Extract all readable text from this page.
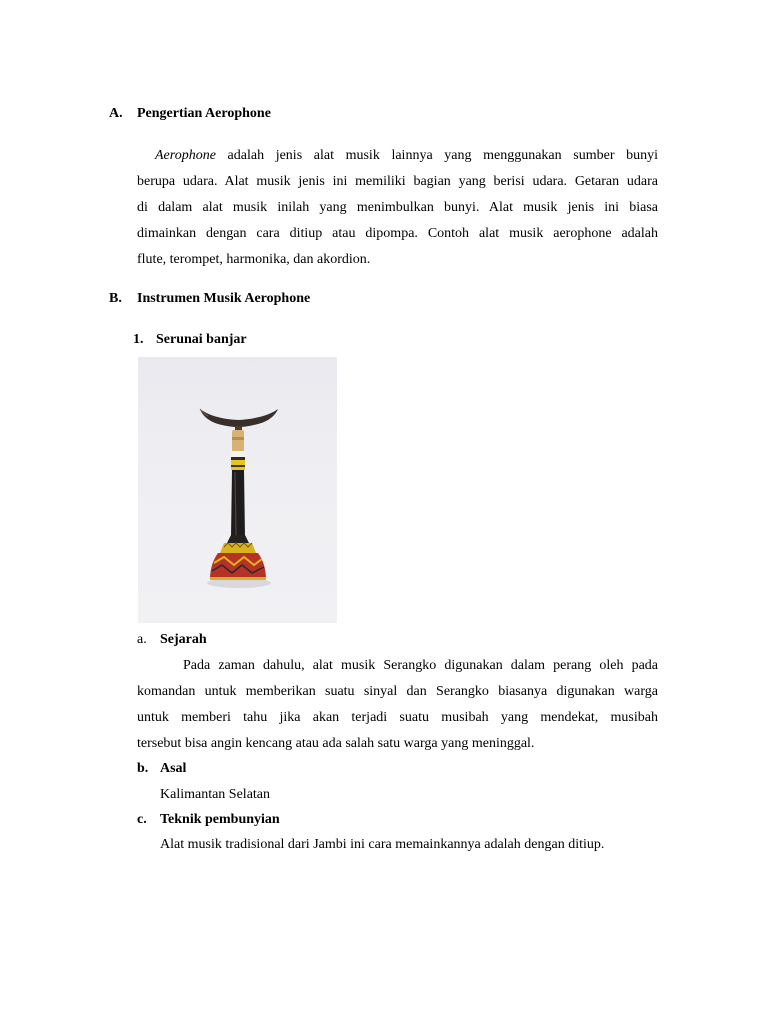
A. Pengertian Aerophone
Aerophone adalah jenis alat musik lainnya yang menggunakan sumber bunyi
berupa udara. Alat musik jenis ini memiliki bagian yang berisi udara. Getaran udara
di dalam alat musik inilah yang menimbulkan bunyi. Alat musik jenis ini biasa
dimainkan dengan cara ditiup atau dipompa. Contoh alat musik aerophone adalah
flute, terompet, harmonika, dan akordion.
B. Instrumen Musik Aerophone
1. Serunai banjar
a. Sejarah
Pada zaman dahulu, alat musik Serangko digunakan dalam perang oleh pada
komandan untuk memberikan suatu sinyal dan Serangko biasanya digunakan warga
untuk memberi tahu jika akan terjadi suatu musibah yang mendekat, musibah
tersebut bisa angin kencang atau ada salah satu warga yang meninggal.
b. Asal
Kalimantan Selatan
c. Teknik pembunyian
Alat musik tradisional dari Jambi ini cara memainkannya adalah dengan ditiup.
